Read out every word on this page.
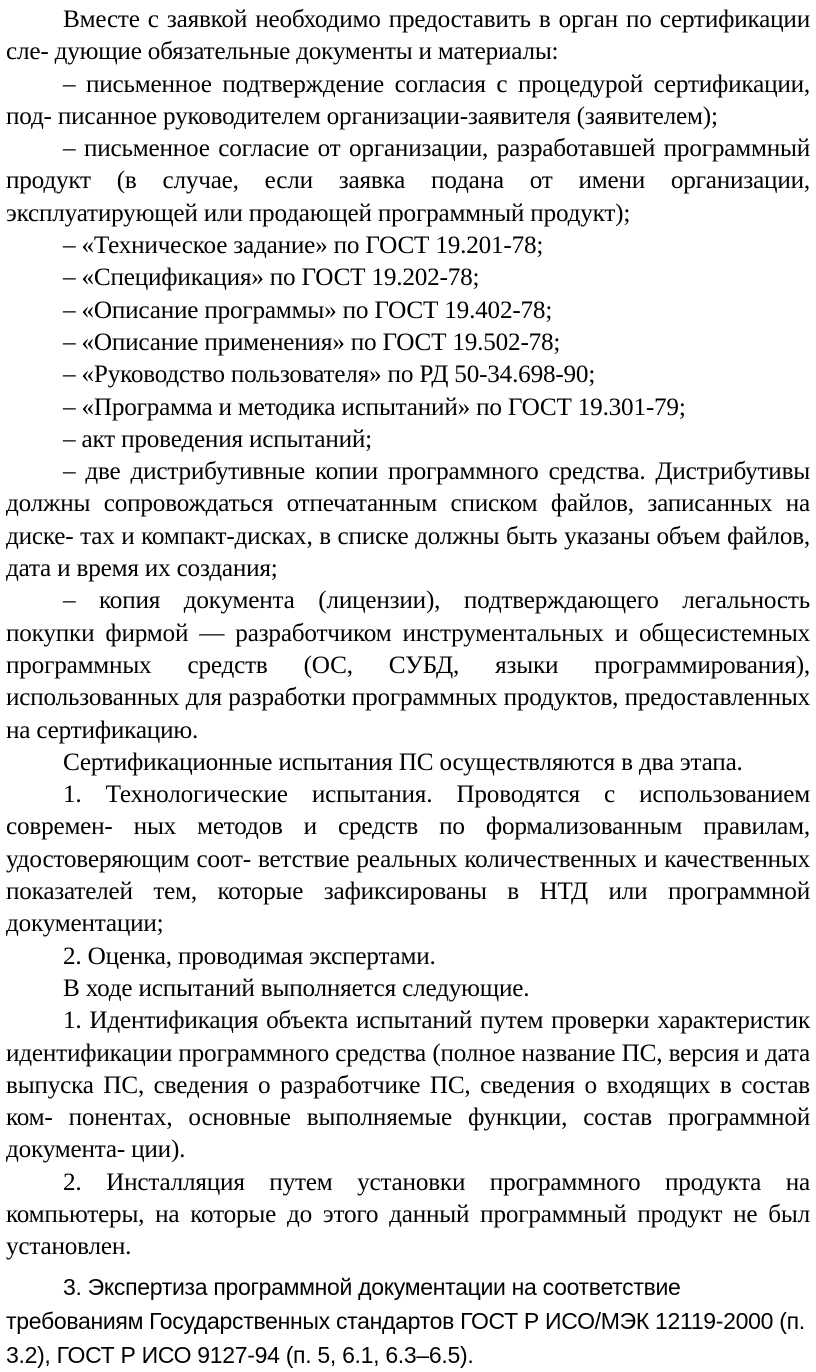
Вместе с заявкой необходимо предоставить в орган по сертификации сле- дующие обязательные документы и материалы:

– письменное подтверждение согласия с процедурой сертификации, под- писанное руководителем организации-заявителя (заявителем);

– письменное согласие от организации, разработавшей программный продукт (в случае, если заявка подана от имени организации, эксплуатирующей или продающей программный продукт);

– «Техническое задание» по ГОСТ 19.201-78;

– «Спецификация» по ГОСТ 19.202-78;

– «Описание программы» по ГОСТ 19.402-78;

– «Описание применения» по ГОСТ 19.502-78;

– «Руководство пользователя» по РД 50-34.698-90;

– «Программа и методика испытаний» по ГОСТ 19.301-79;

– акт проведения испытаний;

– две дистрибутивные копии программного средства. Дистрибутивы должны сопровождаться отпечатанным списком файлов, записанных на диске- тах и компакт-дисках, в списке должны быть указаны объем файлов, дата и время их создания;

– копия документа (лицензии), подтверждающего легальность покупки фирмой — разработчиком инструментальных и общесистемных программных средств (ОС, СУБД, языки программирования), использованных для разработки программных продуктов, предоставленных на сертификацию.

Сертификационные испытания ПС осуществляются в два этапа.

1. Технологические испытания. Проводятся с использованием современ- ных методов и средств по формализованным правилам, удостоверяющим соот- ветствие реальных количественных и качественных показателей тем, которые зафиксированы в НТД или программной документации;

2. Оценка, проводимая экспертами.

В ходе испытаний выполняется следующие.

1. Идентификация объекта испытаний путем проверки характеристик идентификации программного средства (полное название ПС, версия и дата выпуска ПС, сведения о разработчике ПС, сведения о входящих в состав ком- понентах, основные выполняемые функции, состав программной документа- ции).

2. Инсталляция путем установки программного продукта на компьютеры, на которые до этого данный программный продукт не был установлен.

3. Экспертиза программной документации на соответствие требованиям Государственных стандартов ГОСТ Р ИСО/МЭК 12119-2000 (п. 3.2), ГОСТ Р ИСО 9127-94 (п. 5, 6.1, 6.3–6.5).
